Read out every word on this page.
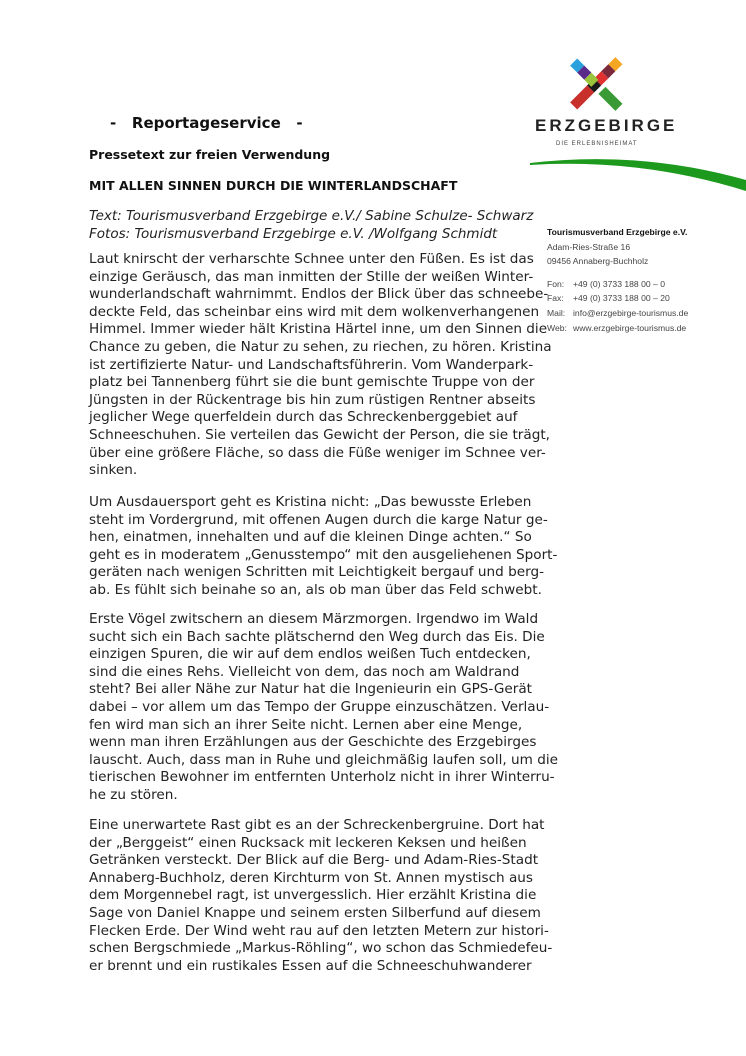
ERZGEBIRGE
DIE ERLEBNISHEIMAT
-   Reportageservice   -
Pressetext zur freien Verwendung
MIT ALLEN SINNEN DURCH DIE WINTERLANDSCHAFT
Text: Tourismusverband Erzgebirge e.V./ Sabine Schulze- Schwarz
Fotos: Tourismusverband Erzgebirge e.V. /Wolfgang Schmidt	Tourismusverband Erzgebirge e.V.
Adam-Ries-Straße 16
09456 Annaberg-Buchholz
Fon: +49 (0) 3733 188 00 – 0
Fax: +49 (0) 3733 188 00 – 20
Mail: info@erzgebirge-tourismus.de
Web: www.erzgebirge-tourismus.de
Laut knirscht der verharschte Schnee unter den Füßen. Es ist das
einzige Geräusch, das man inmitten der Stille der weißen Winter-
wunderlandschaft wahrnimmt. Endlos der Blick über das schneebe-
deckte Feld, das scheinbar eins wird mit dem wolkenverhangenen
Himmel. Immer wieder hält Kristina Härtel inne, um den Sinnen die
Chance zu geben, die Natur zu sehen, zu riechen, zu hören. Kristina
ist zertifizierte Natur- und Landschaftsführerin. Vom Wanderpark-
platz bei Tannenberg führt sie die bunt gemischte Truppe von der
Jüngsten in der Rückentrage bis hin zum rüstigen Rentner abseits
jeglicher Wege querfeldein durch das Schreckenberggebiet auf
Schneeschuhen. Sie verteilen das Gewicht der Person, die sie trägt,
über eine größere Fläche, so dass die Füße weniger im Schnee ver-
sinken.
Um Ausdauersport geht es Kristina nicht: „Das bewusste Erleben
steht im Vordergrund, mit offenen Augen durch die karge Natur ge-
hen, einatmen, innehalten und auf die kleinen Dinge achten.“ So
geht es in moderatem „Genusstempo“ mit den ausgeliehenen Sport-
geräten nach wenigen Schritten mit Leichtigkeit bergauf und berg-
ab. Es fühlt sich beinahe so an, als ob man über das Feld schwebt.
Erste Vögel zwitschern an diesem Märzmorgen. Irgendwo im Wald
sucht sich ein Bach sachte plätschernd den Weg durch das Eis. Die
einzigen Spuren, die wir auf dem endlos weißen Tuch entdecken,
sind die eines Rehs. Vielleicht von dem, das noch am Waldrand
steht? Bei aller Nähe zur Natur hat die Ingenieurin ein GPS-Gerät
dabei – vor allem um das Tempo der Gruppe einzuschätzen. Verlau-
fen wird man sich an ihrer Seite nicht. Lernen aber eine Menge,
wenn man ihren Erzählungen aus der Geschichte des Erzgebirges
lauscht. Auch, dass man in Ruhe und gleichmäßig laufen soll, um die
tierischen Bewohner im entfernten Unterholz nicht in ihrer Winterru-
he zu stören.
Eine unerwartete Rast gibt es an der Schreckenbergruine. Dort hat
der „Berggeist“ einen Rucksack mit leckeren Keksen und heißen
Getränken versteckt. Der Blick auf die Berg- und Adam-Ries-Stadt
Annaberg-Buchholz, deren Kirchturm von St. Annen mystisch aus
dem Morgennebel ragt, ist unvergesslich. Hier erzählt Kristina die
Sage von Daniel Knappe und seinem ersten Silberfund auf diesem
Flecken Erde. Der Wind weht rau auf den letzten Metern zur histori-
schen Bergschmiede „Markus-Röhling“, wo schon das Schmiedefeu-
er brennt und ein rustikales Essen auf die Schneeschuhwanderer
